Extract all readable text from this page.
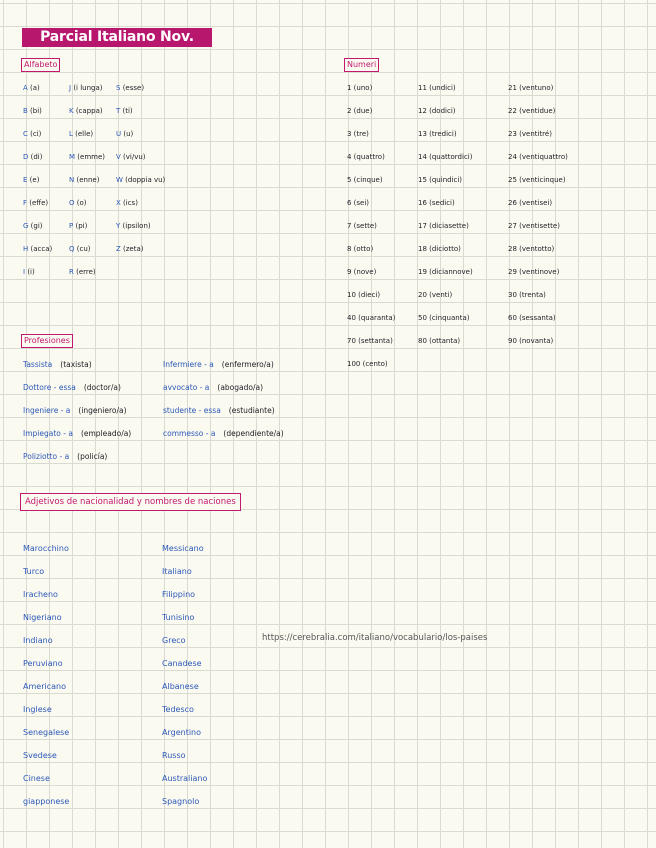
Parcial Italiano Nov.
Alfabeto	Numeri
Profesiones
Adjetivos de nacionalidad y nombres de naciones
A (a)
B (bi)
C (ci)
D (di)
E (e)
F (effe)
G (gi)
H (acca)
I (i)
J (i lunga)
K (cappa)
L (elle)
M (emme)
N (enne)
O (o)
P (pi)
Q (cu)
R (erre)
S (esse)
T (ti)
U (u)
V (vi/vu)
W (doppia vu)
X (ics)
Y (ipsilon)
Z (zeta)
1 (uno)
2 (due)
3 (tre)
4 (quattro)
5 (cinque)
6 (sei)
7 (sette)
8 (otto)
9 (nove)
10 (dieci)
40 (quaranta)
70 (settanta)
100 (cento)
11 (undici)
12 (dodici)
13 (tredici)
14 (quattordici)
15 (quindici)
16 (sedici)
17 (diciasette)
18 (diciotto)
19 (diciannove)
20 (venti)
50 (cinquanta)
80 (ottanta)
21 (ventuno)
22 (ventidue)
23 (ventitré)
24 (ventiquattro)
25 (venticinque)
26 (ventisei)
27 (ventisette)
28 (ventotto)
29 (ventinove)
30 (trenta)
60 (sessanta)
90 (novanta)
Tassista (taxista)
Dottore - essa (doctor/a)
Ingeniere - a (ingeniero/a)
Impiegato - a (empleado/a)
Poliziotto - a (policía)
Infermiere - a (enfermero/a)
avvocato - a (abogado/a)
studente - essa (estudiante)
commesso - a (dependiente/a)
Marocchino
Turco
Iracheno
Nigeriano
Indiano
Peruviano
Americano
Inglese
Senegalese
Svedese
Cinese
giapponese
Messicano
Italiano
Filippino
Tunisino
Greco
Canadese
Albanese
Tedesco
Argentino
Russo
Australiano
Spagnolo
https://cerebralia.com/italiano/vocabulario/los-paises
